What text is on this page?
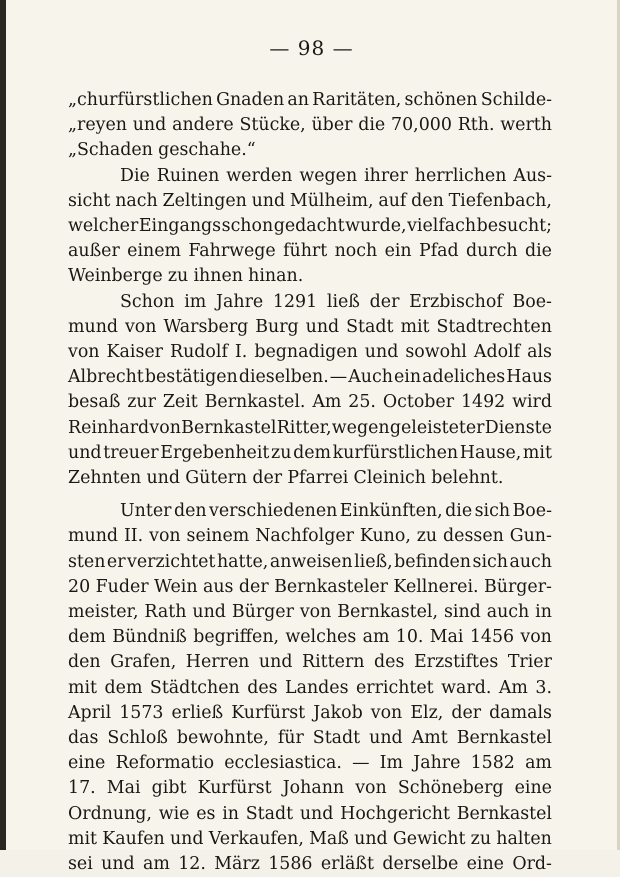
— 98 —
„churfürstlichen Gnaden an Raritäten, schönen Schilde-
„reyen und andere Stücke, über die 70,000 Rth. werth
„Schaden geschahe.“
Die Ruinen werden wegen ihrer herrlichen Aus-
sicht nach Zeltingen und Mülheim, auf den Tiefenbach,
welcher Eingangs schon gedacht wurde, vielfach besucht;
außer einem Fahrwege führt noch ein Pfad durch die
Weinberge zu ihnen hinan.
Schon im Jahre 1291 ließ der Erzbischof Boe-
mund von Warsberg Burg und Stadt mit Stadtrechten
von Kaiser Rudolf I. begnadigen und sowohl Adolf als
Albrecht bestätigen dieselben. — Auch ein adeliches Haus
besaß zur Zeit Bernkastel. Am 25. October 1492 wird
Reinhard von Bernkastel Ritter, wegen geleisteter Dienste
und treuer Ergebenheit zu dem kurfürstlichen Hause, mit
Zehnten und Gütern der Pfarrei Cleinich belehnt.
Unter den verschiedenen Einkünften, die sich Boe-
mund II. von seinem Nachfolger Kuno, zu dessen Gun-
sten er verzichtet hatte, anweisen ließ, befinden sich auch
20 Fuder Wein aus der Bernkasteler Kellnerei. Bürger-
meister, Rath und Bürger von Bernkastel, sind auch in
dem Bündniß begriffen, welches am 10. Mai 1456 von
den Grafen, Herren und Rittern des Erzstiftes Trier
mit dem Städtchen des Landes errichtet ward. Am 3.
April 1573 erließ Kurfürst Jakob von Elz, der damals
das Schloß bewohnte, für Stadt und Amt Bernkastel
eine Reformatio ecclesiastica. — Im Jahre 1582 am
17. Mai gibt Kurfürst Johann von Schöneberg eine
Ordnung, wie es in Stadt und Hochgericht Bernkastel
mit Kaufen und Verkaufen, Maß und Gewicht zu halten
sei und am 12. März 1586 erläßt derselbe eine Ord-
